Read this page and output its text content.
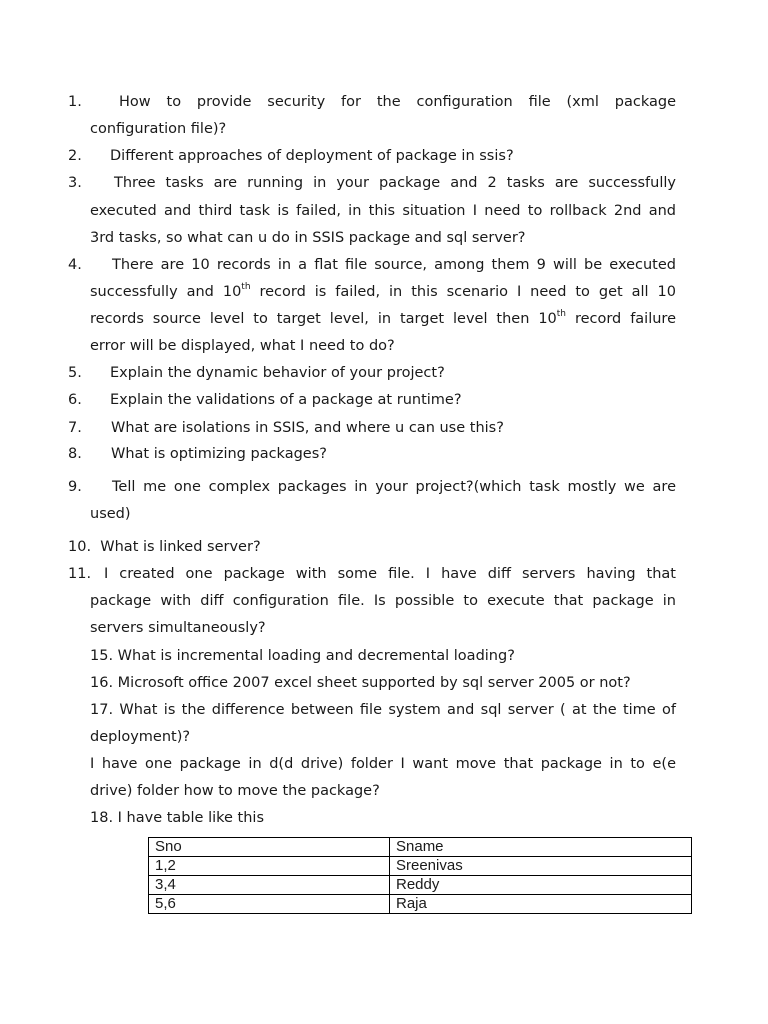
1.	How to provide security for the configuration file (xml package
configuration file)?
2. Different approaches of deployment of package in ssis?
3. Three tasks are running in your package and 2 tasks are successfully
executed and third task is failed, in this situation I need to rollback 2nd and
3rd tasks, so what can u do in SSIS package and sql server?
4. There are 10 records in a flat file source, among them 9 will be executed
successfully and 10th record is failed, in this scenario I need to get all 10
records source level to target level, in target level then 10th record failure
error will be displayed, what I need to do?
5. Explain the dynamic behavior of your project?
6. Explain the validations of a package at runtime?
7. What are isolations in SSIS, and where u can use this?
8. What is optimizing packages?
9. Tell me one complex packages in your project?(which task mostly we are
used)
10.  What is linked server?
11. I created one package with some file. I have diff servers having that
package with diff configuration file. Is possible to execute that package in
servers simultaneously?
15. What is incremental loading and decremental loading?
16. Microsoft office 2007 excel sheet supported by sql server 2005 or not?
17. What is the difference between file system and sql server ( at the time of
deployment)?
I have one package in d(d drive) folder I want move that package in to e(e
drive) folder how to move the package?
18. I have table like this
Sno	Sname
1,2	Sreenivas
3,4	Reddy
5,6	Raja
